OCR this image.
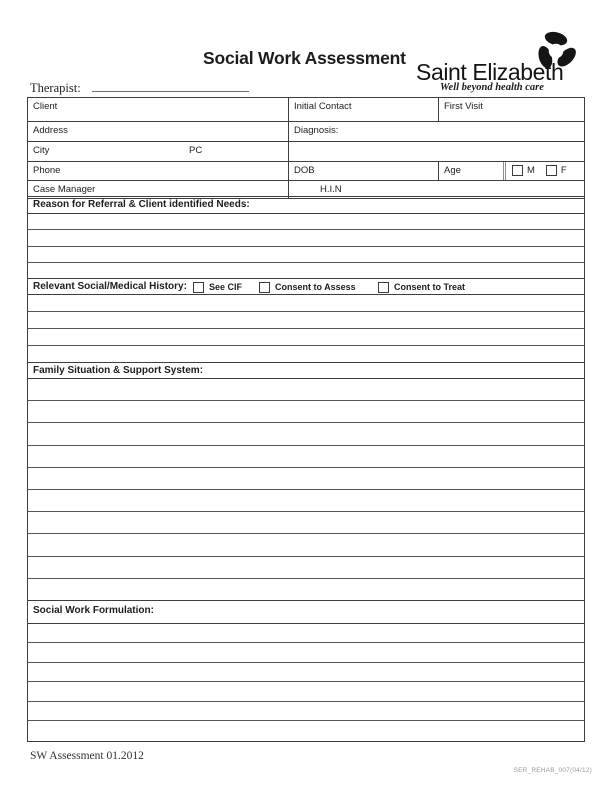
Social Work Assessment
Saint Elizabeth
Well beyond health care
Therapist:
Client	Initial Contact	First Visit
Address	Diagnosis:
City	PC
Phone	DOB	Age	M	F
Case Manager	H.I.N
Reason for Referral & Client identified Needs:
Relevant Social/Medical History: See CIF	Consent to Assess	Consent to Treat
Family Situation & Support System:
Social Work Formulation:
SW Assessment 01.2012
SER_REHAB_007(04/12)
